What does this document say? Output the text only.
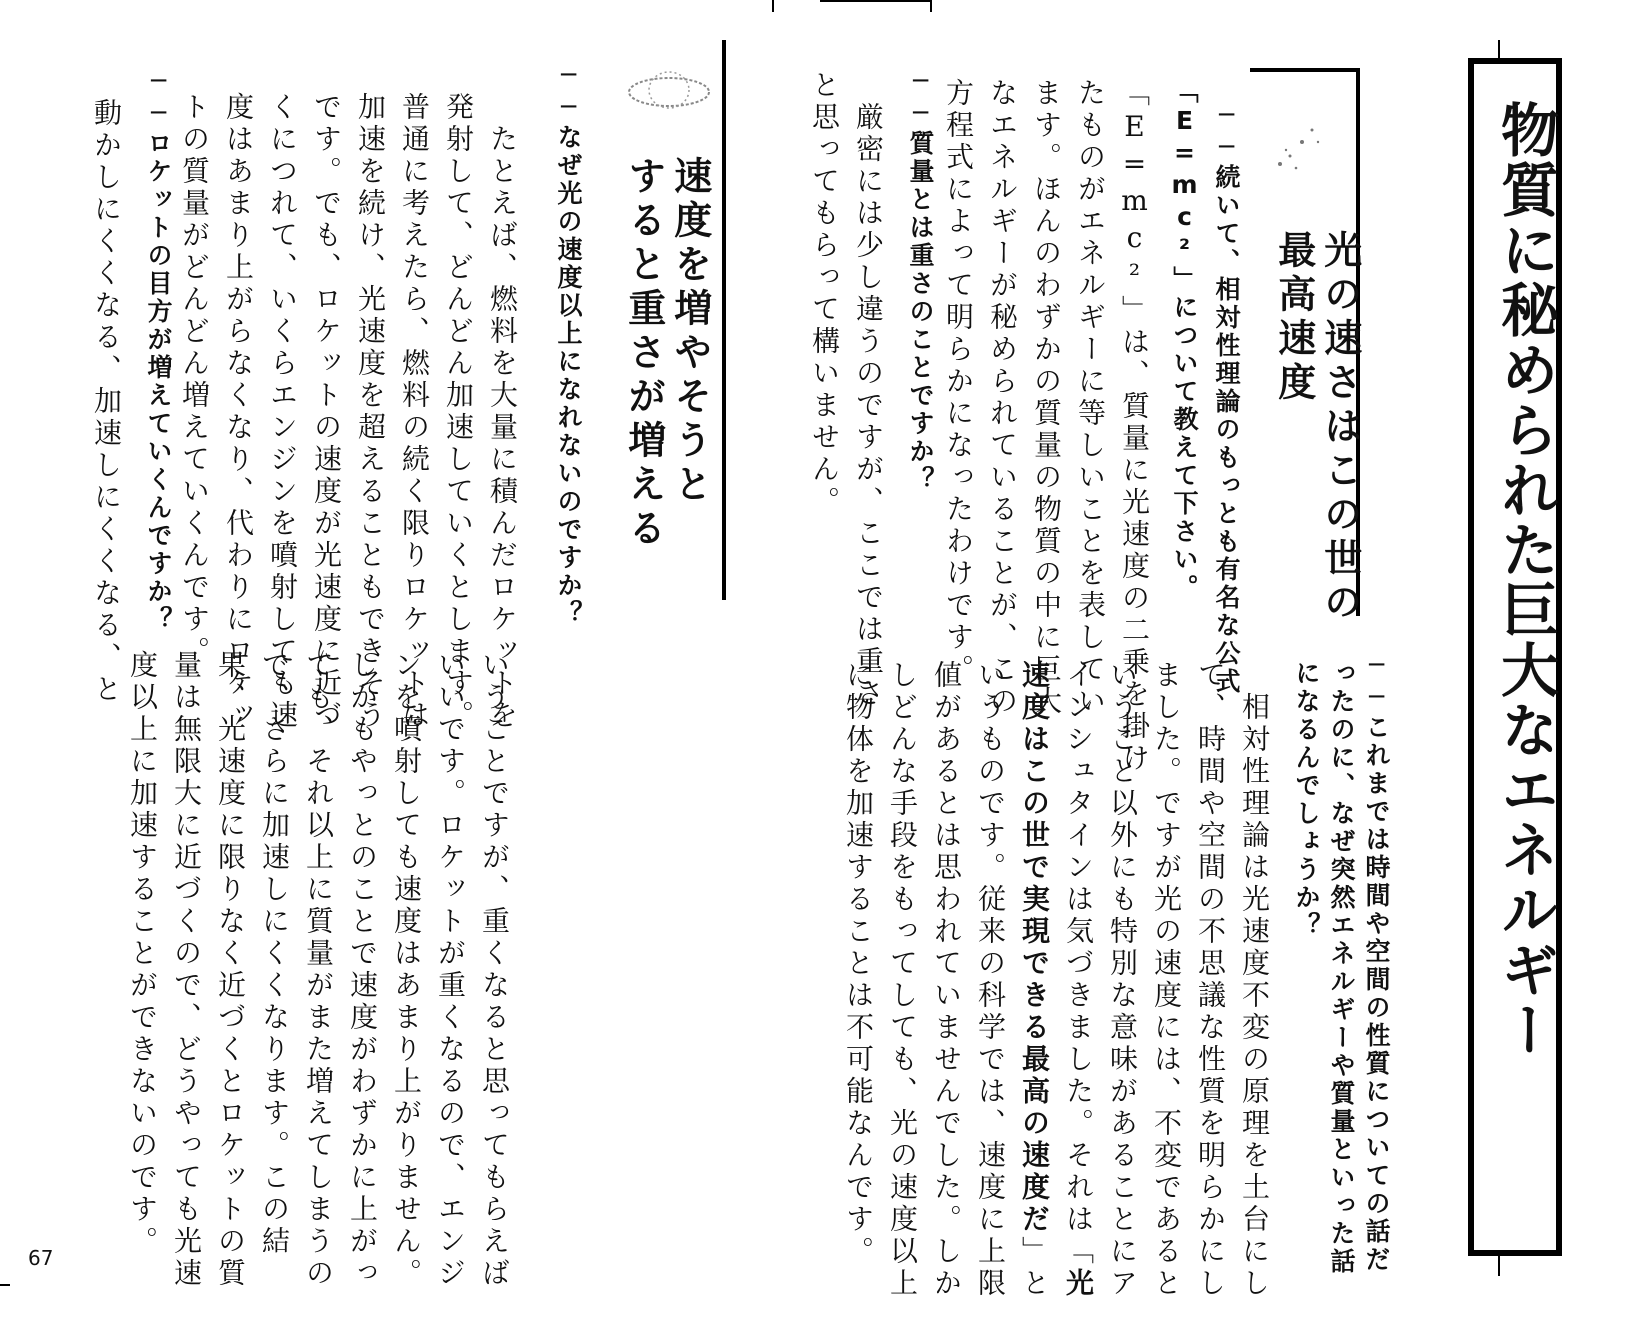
物質に秘められた巨大なエネルギー
光の速さはこの世の
最高速度
──これまでは時間や空間の性質についての話だ
ったのに、なぜ突然エネルギーや質量といった話
になるんでしょうか？
　相対性理論は光速度不変の原理を土台にし
て、時間や空間の不思議な性質を明らかにし
ました。ですが光の速度には、不変であると
いうこと以外にも特別な意味があることにア
インシュタインは気づきました。それは「光
速度はこの世で実現できる最高の速度だ」と
いうものです。従来の科学では、速度に上限
値があるとは思われていませんでした。しか
しどんな手段をもってしても、光の速度以上
に物体を加速することは不可能なんです。
──続いて、相対性理論のもっとも有名な公式
「E=mc²」について教えて下さい。
「E=mc²」は、質量に光速度の二乗を掛け
たものがエネルギーに等しいことを表してい
ます。ほんのわずかの質量の物質の中に巨大
なエネルギーが秘められていることが、この
方程式によって明らかになったわけです。
──質量とは重さのことですか？
　厳密には少し違うのですが、ここでは重さ
と思ってもらって構いません。
速度を増やそうと
すると重さが増える
──なぜ光の速度以上になれないのですか？
　たとえば、燃料を大量に積んだロケットを
発射して、どんどん加速していくとします。
普通に考えたら、燃料の続く限りロケットは
加速を続け、光速度を超えることもできそう
です。でも、ロケットの速度が光速度に近づ
くにつれて、いくらエンジンを噴射しても速
度はあまり上がらなくなり、代わりにロケッ
トの質量がどんどん増えていくんです。
──ロケットの目方が増えていくんですか？
　動かしにくくなる、加速しにくくなる、と
いうことですが、重くなると思ってもらえば
いいです。ロケットが重くなるので、エンジ
ンを噴射しても速度はあまり上がりません。
しかもやっとのことで速度がわずかに上がっ
ても、それ以上に質量がまた増えてしまうの
で、さらに加速しにくくなります。この結
果、光速度に限りなく近づくとロケットの質
量は無限大に近づくので、どうやっても光速
度以上に加速することができないのです。
67
